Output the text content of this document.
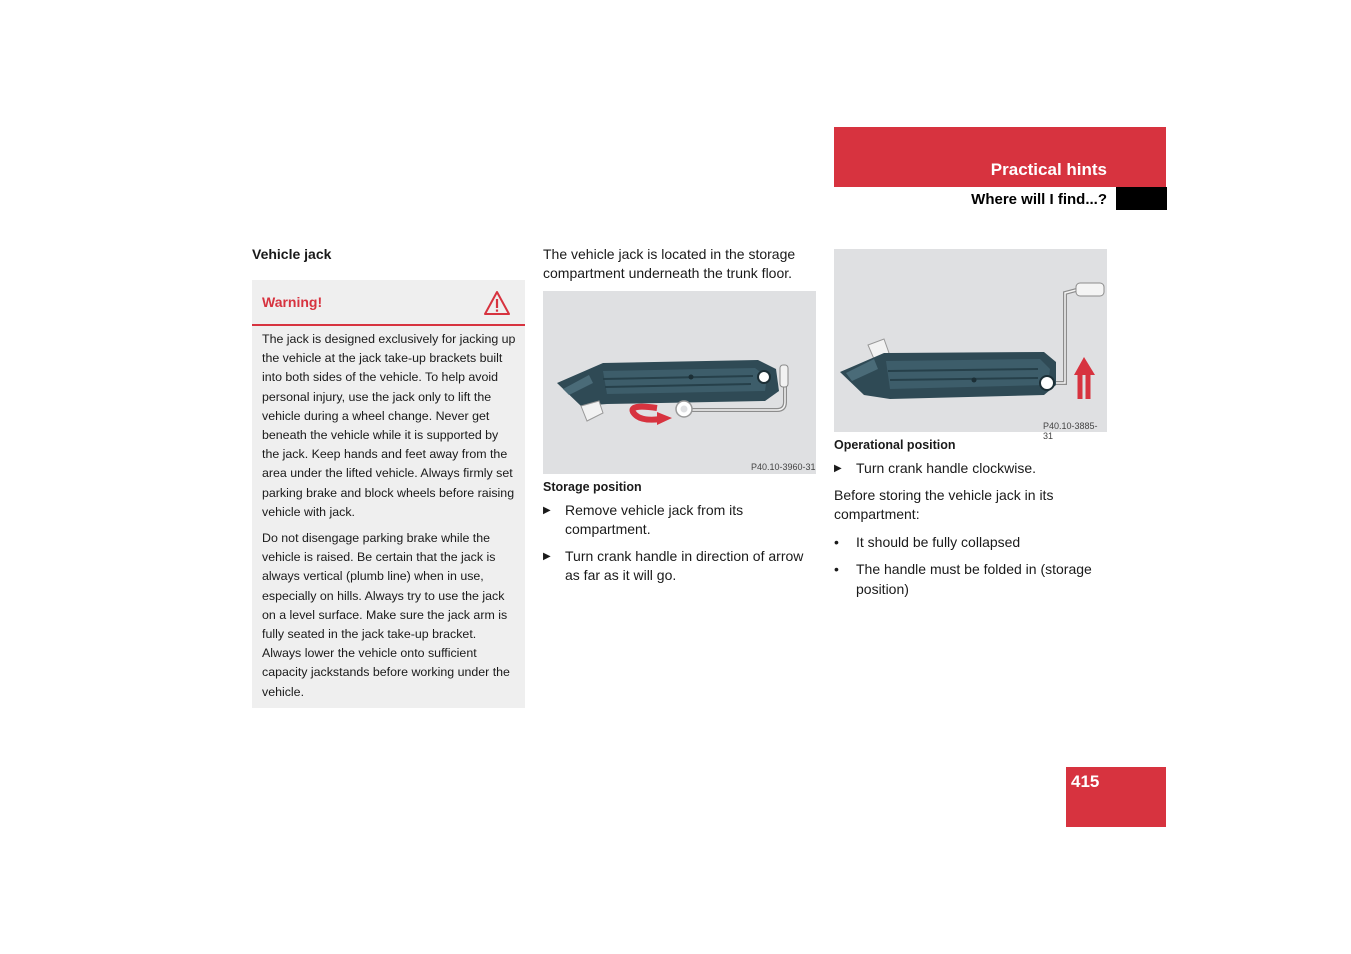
Practical hints
Where will I find...?
Vehicle jack
Warning!

The jack is designed exclusively for jacking up the vehicle at the jack take-up brackets built into both sides of the vehicle. To help avoid personal injury, use the jack only to lift the vehicle during a wheel change. Never get beneath the vehicle while it is supported by the jack. Keep hands and feet away from the area under the lifted vehicle. Always firmly set parking brake and block wheels before raising vehicle with jack.

Do not disengage parking brake while the vehicle is raised. Be certain that the jack is always vertical (plumb line) when in use, especially on hills. Always try to use the jack on a level surface. Make sure the jack arm is fully seated in the jack take-up bracket. Always lower the vehicle onto sufficient capacity jackstands before working under the vehicle.

The vehicle jack is located in the storage compartment underneath the trunk floor.
P40.10-3960-31
Storage position
▶	Remove vehicle jack from its compartment.
▶	Turn crank handle in direction of arrow as far as it will go.
P40.10-3885-31
Operational position
▶	Turn crank handle clockwise.
Before storing the vehicle jack in its compartment:
•	It should be fully collapsed
•	The handle must be folded in (storage position)
415
